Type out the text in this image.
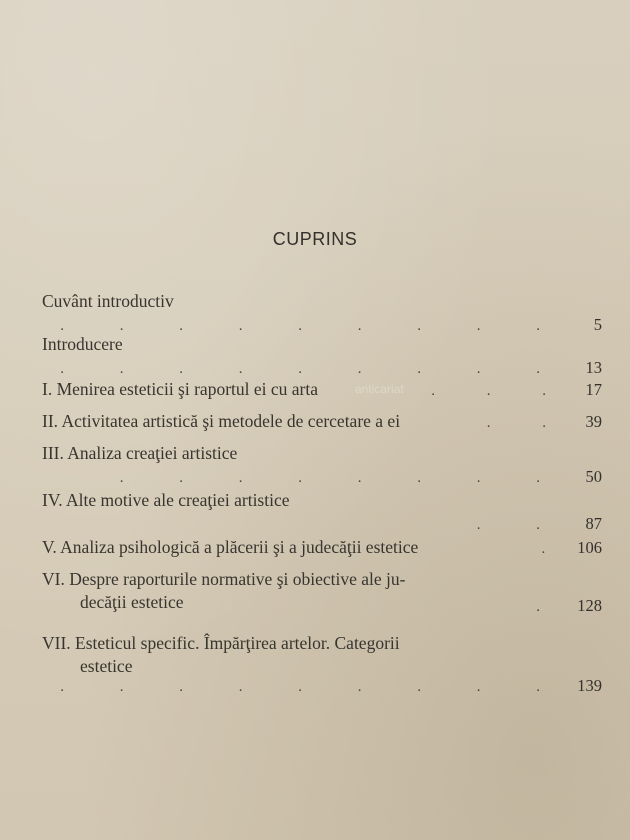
CUPRINS
Cuvânt introductiv
. . . . . . . . .	5
Introducere
. . . . . . . . .	13
I. Menirea esteticii şi raportul ei cu arta	. . . 17
II. Activitatea artistică şi metodele de cercetare a ei	. . 39
III. Analiza creaţiei artistice
. . . . . . . .	50
IV. Alte motive ale creaţiei artistice
. .	87
V. Analiza psihologică a plăcerii şi a judecăţii estetice	. 106
VI. Despre raporturile normative şi obiective ale ju-
decăţii estetice	. 128
VII. Esteticul specific. Împărţirea artelor. Categorii
estetice
. . . . . . . . . 139
anticariat
